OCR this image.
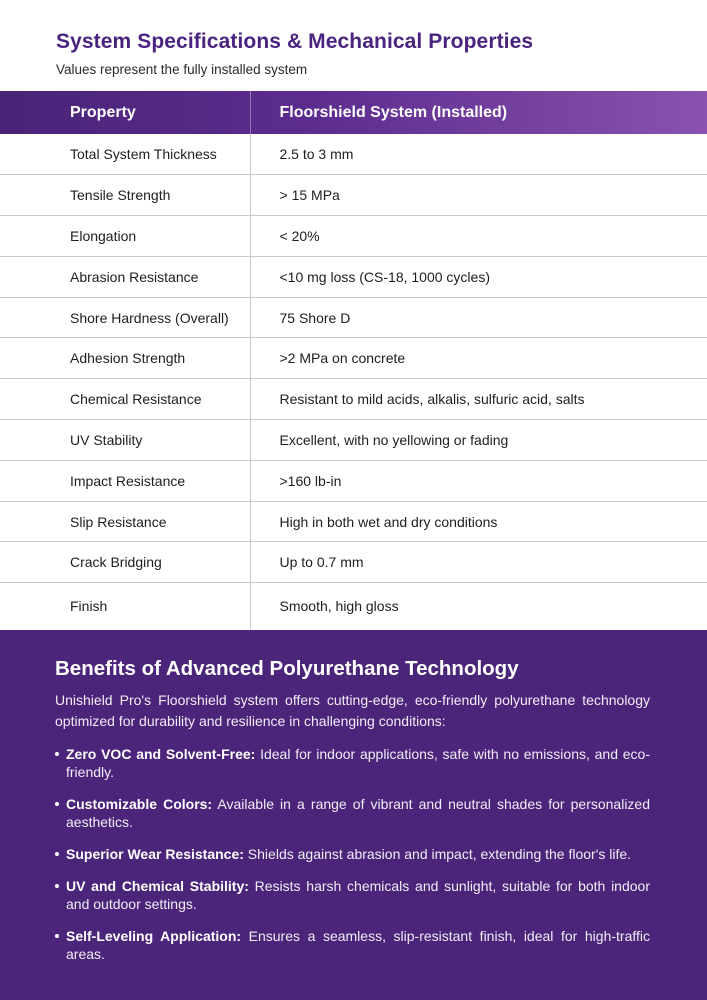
System Specifications & Mechanical Properties
Values represent the fully installed system
Property	Floorshield System (Installed)
Total System Thickness	2.5 to 3 mm
Tensile Strength	> 15 MPa
Elongation	< 20%
Abrasion Resistance	<10 mg loss (CS-18, 1000 cycles)
Shore Hardness (Overall)	75 Shore D
Adhesion Strength	>2 MPa on concrete
Chemical Resistance	Resistant to mild acids, alkalis, sulfuric acid, salts
UV Stability	Excellent, with no yellowing or fading
Impact Resistance	>160 lb-in
Slip Resistance	High in both wet and dry conditions
Crack Bridging	Up to 0.7 mm
Finish	Smooth, high gloss
Benefits of Advanced Polyurethane Technology
Unishield Pro's Floorshield system offers cutting-edge, eco-friendly polyurethane technology optimized for durability and resilience in challenging conditions:
Zero VOC and Solvent-Free: Ideal for indoor applications, safe with no emissions, and eco-friendly.
Customizable Colors: Available in a range of vibrant and neutral shades for personalized aesthetics.
Superior Wear Resistance: Shields against abrasion and impact, extending the floor's life.
UV and Chemical Stability: Resists harsh chemicals and sunlight, suitable for both indoor and outdoor settings.
Self-Leveling Application: Ensures a seamless, slip-resistant finish, ideal for high-traffic areas.
